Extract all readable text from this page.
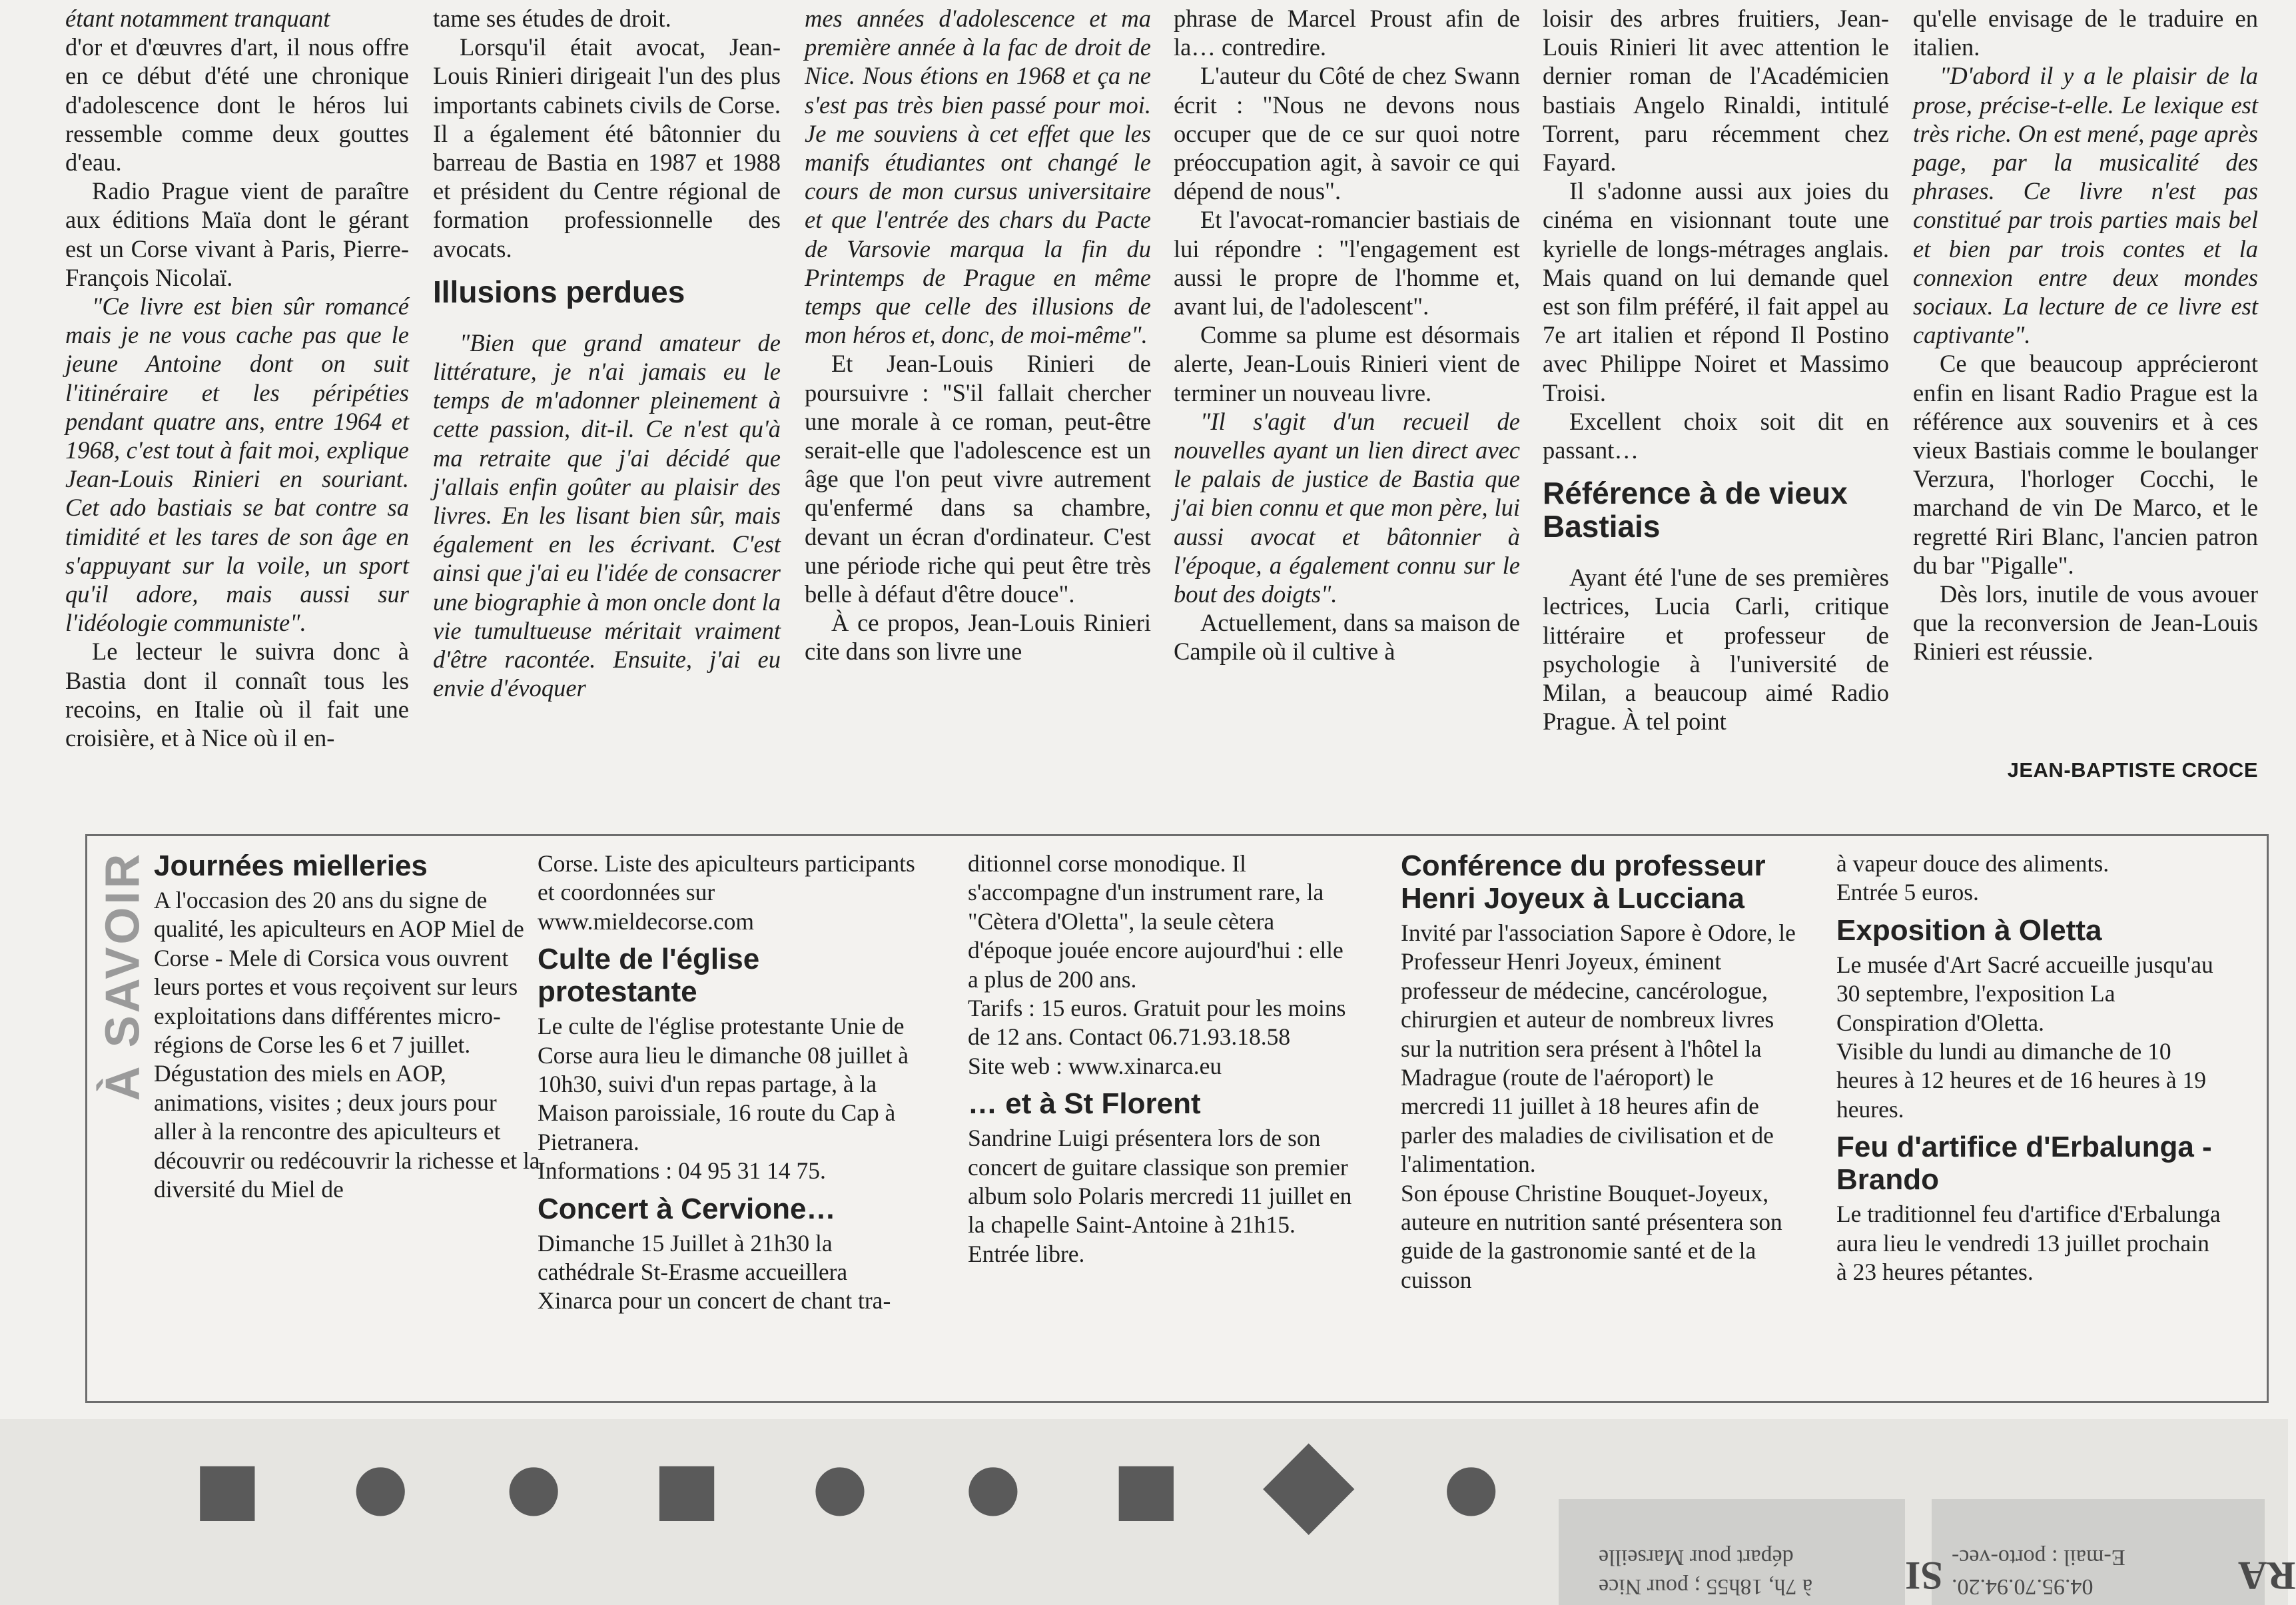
étant notamment tranquant

d'or et d'œuvres d'art, il nous offre en ce début d'été une chronique d'adolescence dont le héros lui ressemble comme deux gouttes d'eau.

Radio Prague vient de paraître aux éditions Maïa dont le gérant est un Corse vivant à Paris, Pierre-François Nicolaï.

"Ce livre est bien sûr romancé mais je ne vous cache pas que le jeune Antoine dont on suit l'itinéraire et les péripéties pendant quatre ans, entre 1964 et 1968, c'est tout à fait moi, explique Jean-Louis Rinieri en souriant. Cet ado bastiais se bat contre sa timidité et les tares de son âge en s'appuyant sur la voile, un sport qu'il adore, mais aussi sur l'idéologie communiste".

Le lecteur le suivra donc à Bastia dont il connaît tous les recoins, en Italie où il fait une croisière, et à Nice où il en-

tame ses études de droit.

Lorsqu'il était avocat, Jean-Louis Rinieri dirigeait l'un des plus importants cabinets civils de Corse. Il a également été bâtonnier du barreau de Bastia en 1987 et 1988 et président du Centre régional de formation professionnelle des avocats.

Illusions perdues

"Bien que grand amateur de littérature, je n'ai jamais eu le temps de m'adonner pleinement à cette passion, dit-il. Ce n'est qu'à ma retraite que j'ai décidé que j'allais enfin goûter au plaisir des livres. En les lisant bien sûr, mais également en les écrivant. C'est ainsi que j'ai eu l'idée de consacrer une biographie à mon oncle dont la vie tumultueuse méritait vraiment d'être racontée. Ensuite, j'ai eu envie d'évoquer

mes années d'adolescence et ma première année à la fac de droit de Nice. Nous étions en 1968 et ça ne s'est pas très bien passé pour moi. Je me souviens à cet effet que les manifs étudiantes ont changé le cours de mon cursus universitaire et que l'entrée des chars du Pacte de Varsovie marqua la fin du Printemps de Prague en même temps que celle des illusions de mon héros et, donc, de moi-même".

Et Jean-Louis Rinieri de poursuivre : "S'il fallait chercher une morale à ce roman, peut-être serait-elle que l'adolescence est un âge que l'on peut vivre autrement qu'enfermé dans sa chambre, devant un écran d'ordinateur. C'est une période riche qui peut être très belle à défaut d'être douce".

À ce propos, Jean-Louis Rinieri cite dans son livre une

phrase de Marcel Proust afin de la… contredire.

L'auteur du Côté de chez Swann écrit : "Nous ne devons nous occuper que de ce sur quoi notre préoccupation agit, à savoir ce qui dépend de nous".

Et l'avocat-romancier bastiais de lui répondre : "l'engagement est aussi le propre de l'homme et, avant lui, de l'adolescent".

Comme sa plume est désormais alerte, Jean-Louis Rinieri vient de terminer un nouveau livre.

"Il s'agit d'un recueil de nouvelles ayant un lien direct avec le palais de justice de Bastia que j'ai bien connu et que mon père, lui aussi avocat et bâtonnier à l'époque, a également connu sur le bout des doigts".

Actuellement, dans sa maison de Campile où il cultive à

loisir des arbres fruitiers, Jean-Louis Rinieri lit avec attention le dernier roman de l'Académicien bastiais Angelo Rinaldi, intitulé Torrent, paru récemment chez Fayard.

Il s'adonne aussi aux joies du cinéma en visionnant toute une kyrielle de longs-métrages anglais. Mais quand on lui demande quel est son film préféré, il fait appel au 7e art italien et répond Il Postino avec Philippe Noiret et Massimo Troisi.

Excellent choix soit dit en passant…

Référence à de vieux Bastiais

Ayant été l'une de ses premières lectrices, Lucia Carli, critique littéraire et professeur de psychologie à l'université de Milan, a beaucoup aimé Radio Prague. À tel point

qu'elle envisage de le traduire en italien.

"D'abord il y a le plaisir de la prose, précise-t-elle. Le lexique est très riche. On est mené, page après page, par la musicalité des phrases. Ce livre n'est pas constitué par trois parties mais bel et bien par trois contes et la connexion entre deux mondes sociaux. La lecture de ce livre est captivante".

Ce que beaucoup apprécieront enfin en lisant Radio Prague est la référence aux souvenirs et à ces vieux Bastiais comme le boulanger Verzura, l'horloger Cocchi, le marchand de vin De Marco, et le regretté Riri Blanc, l'ancien patron du bar "Pigalle".

Dès lors, inutile de vous avouer que la reconversion de Jean-Louis Rinieri est réussie.

JEAN-BAPTISTE CROCE
À SAVOIR Journées mielleries

A l'occasion des 20 ans du signe de qualité, les apiculteurs en AOP Miel de Corse - Mele di Corsica vous ouvrent leurs portes et vous reçoivent sur leurs exploitations dans différentes micro-régions de Corse les 6 et 7 juillet.

Dégustation des miels en AOP, animations, visites ; deux jours pour aller à la rencontre des apiculteurs et découvrir ou redécouvrir la richesse et la diversité du Miel de

Corse. Liste des apiculteurs participants et coordonnées sur www.mieldecorse.com

Culte de l'église protestante

Le culte de l'église protestante Unie de Corse aura lieu le dimanche 08 juillet à 10h30, suivi d'un repas partage, à la Maison paroissiale, 16 route du Cap à Pietranera.

Informations : 04 95 31 14 75.

Concert à Cervione…

Dimanche 15 Juillet à 21h30 la cathédrale St-Erasme accueillera Xinarca pour un concert de chant tra-

ditionnel corse monodique. Il s'accompagne d'un instrument rare, la "Cètera d'Oletta", la seule cètera d'époque jouée encore aujourd'hui : elle a plus de 200 ans.

Tarifs : 15 euros. Gratuit pour les moins de 12 ans. Contact 06.71.93.18.58

Site web : www.xinarca.eu

… et à St Florent

Sandrine Luigi présentera lors de son concert de guitare classique son premier album solo Polaris mercredi 11 juillet en la chapelle Saint-Antoine à 21h15.

Entrée libre.

Conférence du professeur Henri Joyeux à Lucciana

Invité par l'association Sapore è Odore, le Professeur Henri Joyeux, éminent professeur de médecine, cancérologue, chirurgien et auteur de nombreux livres sur la nutrition sera présent à l'hôtel la Madrague (route de l'aéroport) le mercredi 11 juillet à 18 heures afin de parler des maladies de civilisation et de l'alimentation.

Son épouse Christine Bouquet-Joyeux, auteure en nutrition santé présentera son guide de la gastronomie santé et de la cuisson

à vapeur douce des aliments.

Entrée 5 euros.

Exposition à Oletta

Le musée d'Art Sacré accueille jusqu'au 30 septembre, l'exposition La Conspiration d'Oletta.

Visible du lundi au dimanche de 10 heures à 12 heures et de 16 heures à 19 heures.

Feu d'artifice d'Erbalunga - Brando

Le traditionnel feu d'artifice d'Erbalunga aura lieu le vendredi 13 juillet prochain à 23 heures pétantes.

■ ● ● ■ ● ● ■ ◆ ●
04.95.70.94.20.
E-mail : porto-vec-
à 7h, 18h55 ; pour Nice
départ pour Marseille	RA
SI
